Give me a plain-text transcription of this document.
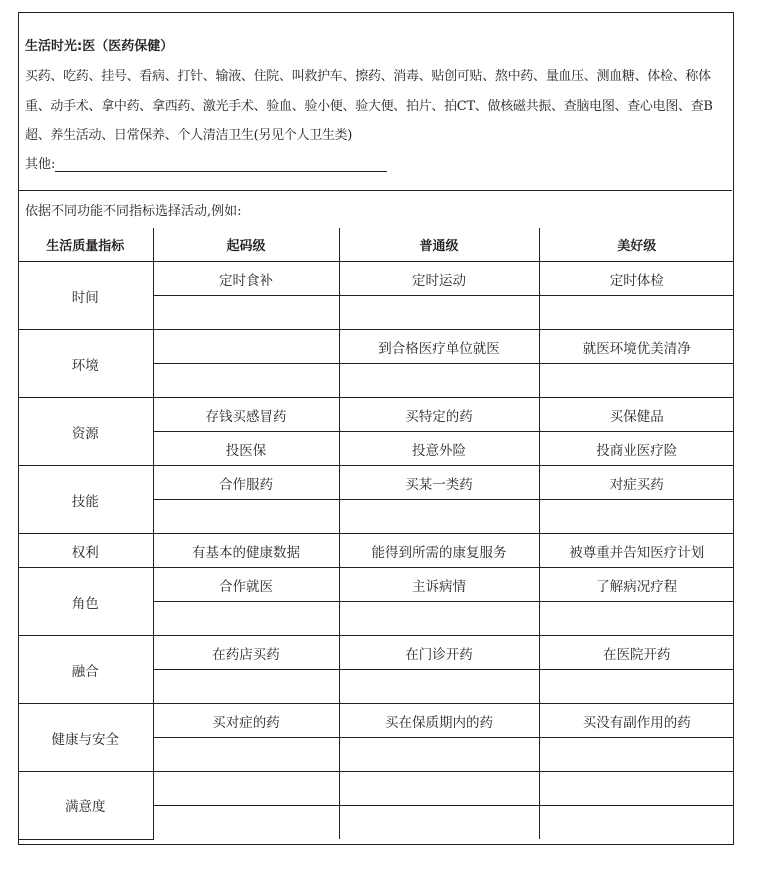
生活时光:医（医药保健）
买药、吃药、挂号、看病、打针、输液、住院、叫救护车、擦药、消毒、贴创可贴、熬中药、量血压、测血糖、体检、称体重、动手术、拿中药、拿西药、激光手术、验血、验小便、验大便、拍片、拍CT、做核磁共振、查脑电图、查心电图、查B超、养生活动、日常保养、个人清洁卫生(另见个人卫生类)
其他:
依据不同功能不同指标选择活动,例如:
生活质量指标	起码级	普通级	美好级
时间	定时食补	定时运动	定时体检

环境		到合格医疗单位就医	就医环境优美清净

资源	存钱买感冒药	买特定的药	买保健品
	投医保	投意外险	投商业医疗险
技能	合作服药	买某一类药	对症买药

权利	有基本的健康数据	能得到所需的康复服务	被尊重并告知医疗计划
角色	合作就医	主诉病情	了解病况疗程

融合	在药店买药	在门诊开药	在医院开药

健康与安全	买对症的药	买在保质期内的药	买没有副作用的药

满意度			
